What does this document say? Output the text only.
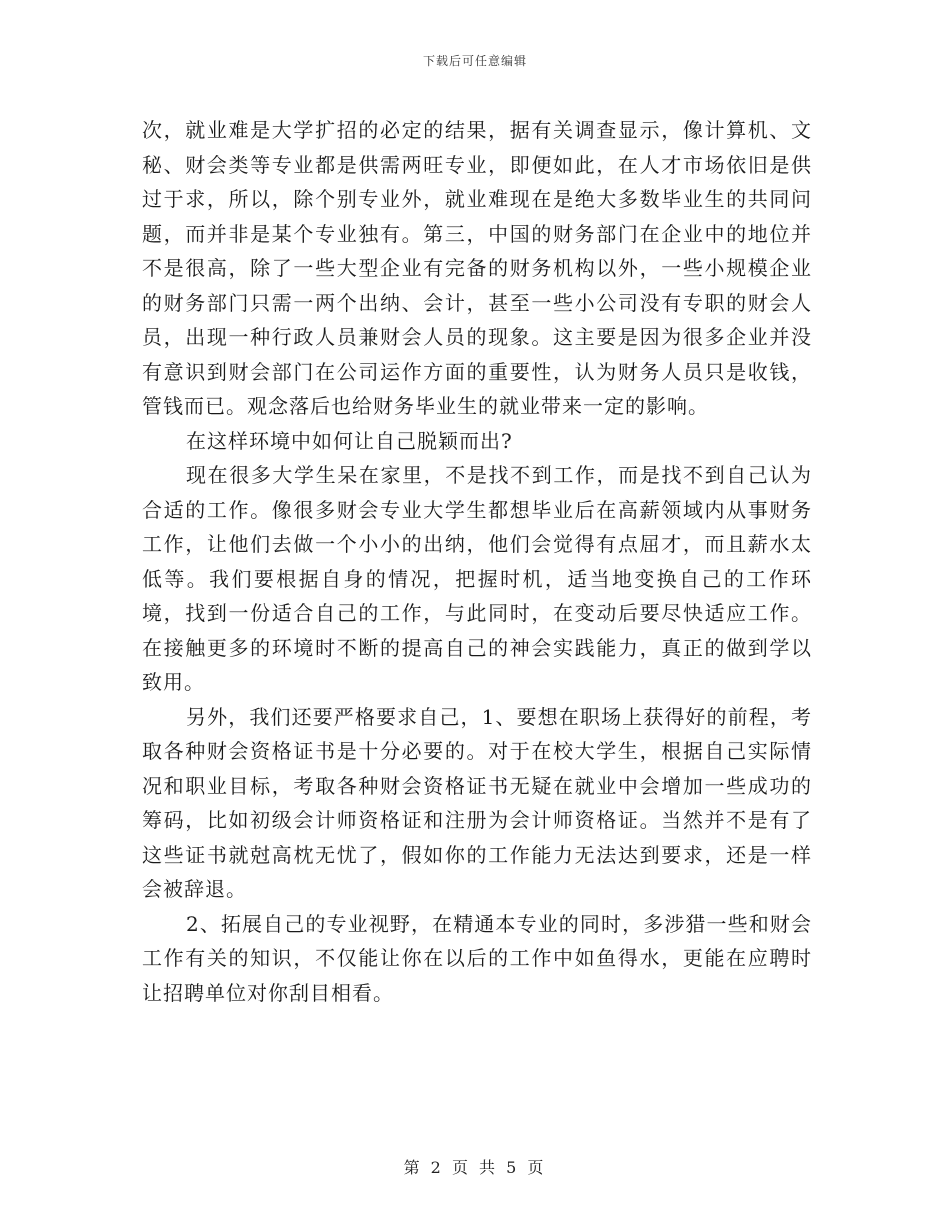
下载后可任意编辑

次，就业难是大学扩招的必定的结果，据有关调查显示，像计算机、文秘、财会类等专业都是供需两旺专业，即便如此，在人才市场依旧是供过于求，所以，除个别专业外，就业难现在是绝大多数毕业生的共同问题，而并非是某个专业独有。第三，中国的财务部门在企业中的地位并不是很高，除了一些大型企业有完备的财务机构以外，一些小规模企业的财务部门只需一两个出纳、会计，甚至一些小公司没有专职的财会人员，出现一种行政人员兼财会人员的现象。这主要是因为很多企业并没有意识到财会部门在公司运作方面的重要性，认为财务人员只是收钱，管钱而已。观念落后也给财务毕业生的就业带来一定的影响。

在这样环境中如何让自己脱颖而出?

现在很多大学生呆在家里，不是找不到工作，而是找不到自己认为合适的工作。像很多财会专业大学生都想毕业后在高薪领域内从事财务工作，让他们去做一个小小的出纳，他们会觉得有点屈才，而且薪水太低等。我们要根据自身的情况，把握时机，适当地变换自己的工作环境，找到一份适合自己的工作，与此同时，在变动后要尽快适应工作。在接触更多的环境时不断的提高自己的神会实践能力，真正的做到学以致用。

另外，我们还要严格要求自己，1、要想在职场上获得好的前程，考取各种财会资格证书是十分必要的。对于在校大学生，根据自己实际情况和职业目标，考取各种财会资格证书无疑在就业中会增加一些成功的筹码，比如初级会计师资格证和注册为会计师资格证。当然并不是有了这些证书就尅高枕无忧了，假如你的工作能力无法达到要求，还是一样会被辞退。

2、拓展自己的专业视野，在精通本专业的同时，多涉猎一些和财会工作有关的知识，不仅能让你在以后的工作中如鱼得水，更能在应聘时让招聘单位对你刮目相看。

第 2 页 共 5 页
